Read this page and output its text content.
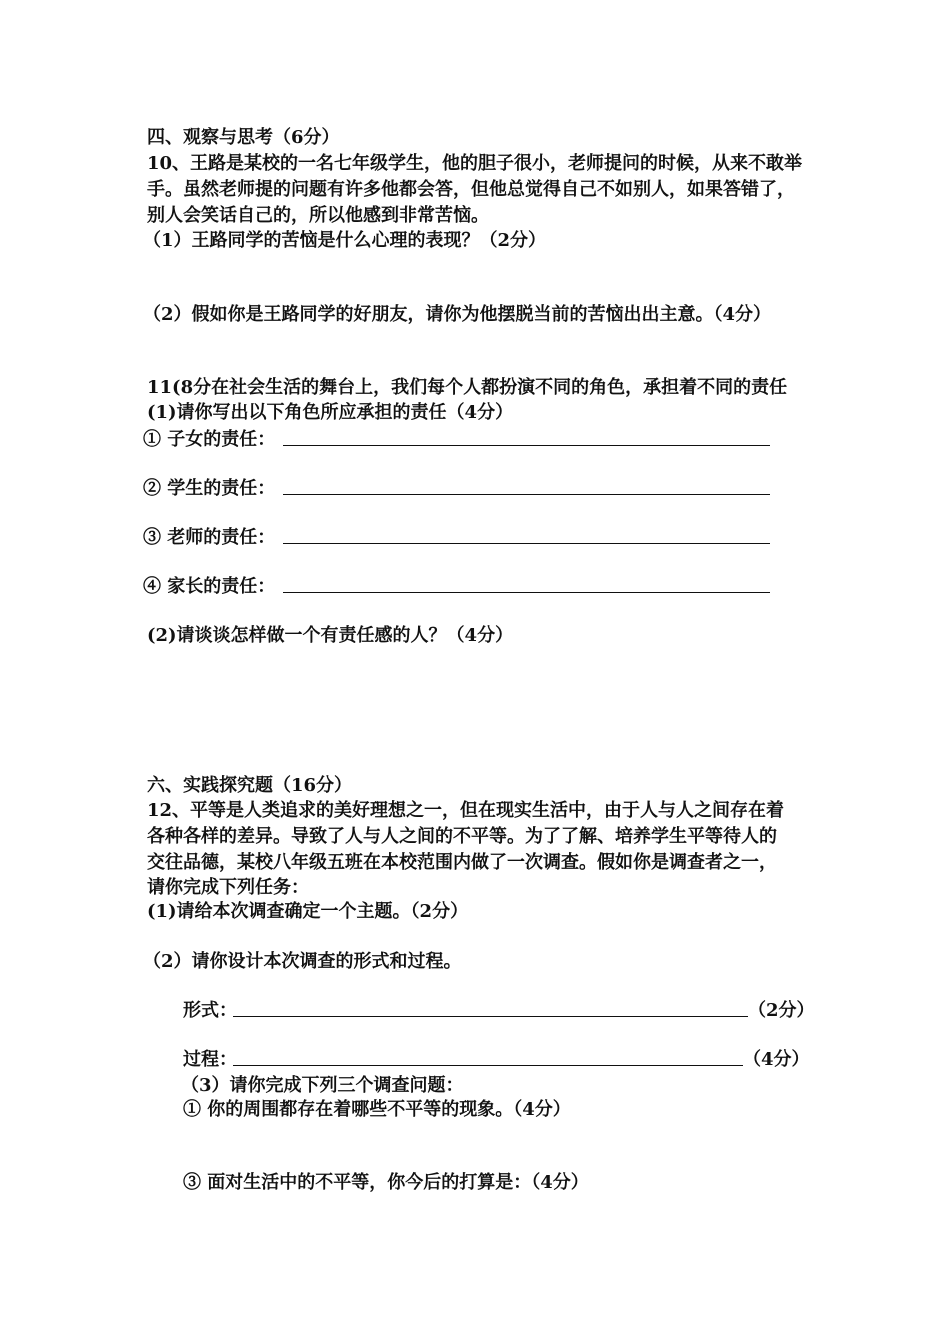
四、观察与思考（6分）
10、王路是某校的一名七年级学生，他的胆子很小，老师提问的时候，从来不敢举
手。虽然老师提的问题有许多他都会答，但他总觉得自己不如别人，如果答错了，
别人会笑话自己的，所以他感到非常苦恼。
（1）王路同学的苦恼是什么心理的表现？（2分）
（2）假如你是王路同学的好朋友，请你为他摆脱当前的苦恼出出主意。（4分）
11(8分在社会生活的舞台上，我们每个人都扮演不同的角色，承担着不同的责任
(1)请你写出以下角色所应承担的责任（4分）
① 子女的责任：
② 学生的责任：
③ 老师的责任：
④ 家长的责任：
(2)请谈谈怎样做一个有责任感的人？（4分）
六、实践探究题（16分）
12、平等是人类追求的美好理想之一，但在现实生活中，由于人与人之间存在着
各种各样的差异。导致了人与人之间的不平等。为了了解、培养学生平等待人的
交往品德，某校八年级五班在本校范围内做了一次调查。假如你是调查者之一，
请你完成下列任务：
(1)请给本次调查确定一个主题。（2分）
（2）请你设计本次调查的形式和过程。
形式：	（2分）
过程：	（4分）
（3）请你完成下列三个调查问题：
① 你的周围都存在着哪些不平等的现象。（4分）
③ 面对生活中的不平等，你今后的打算是：（4分）
